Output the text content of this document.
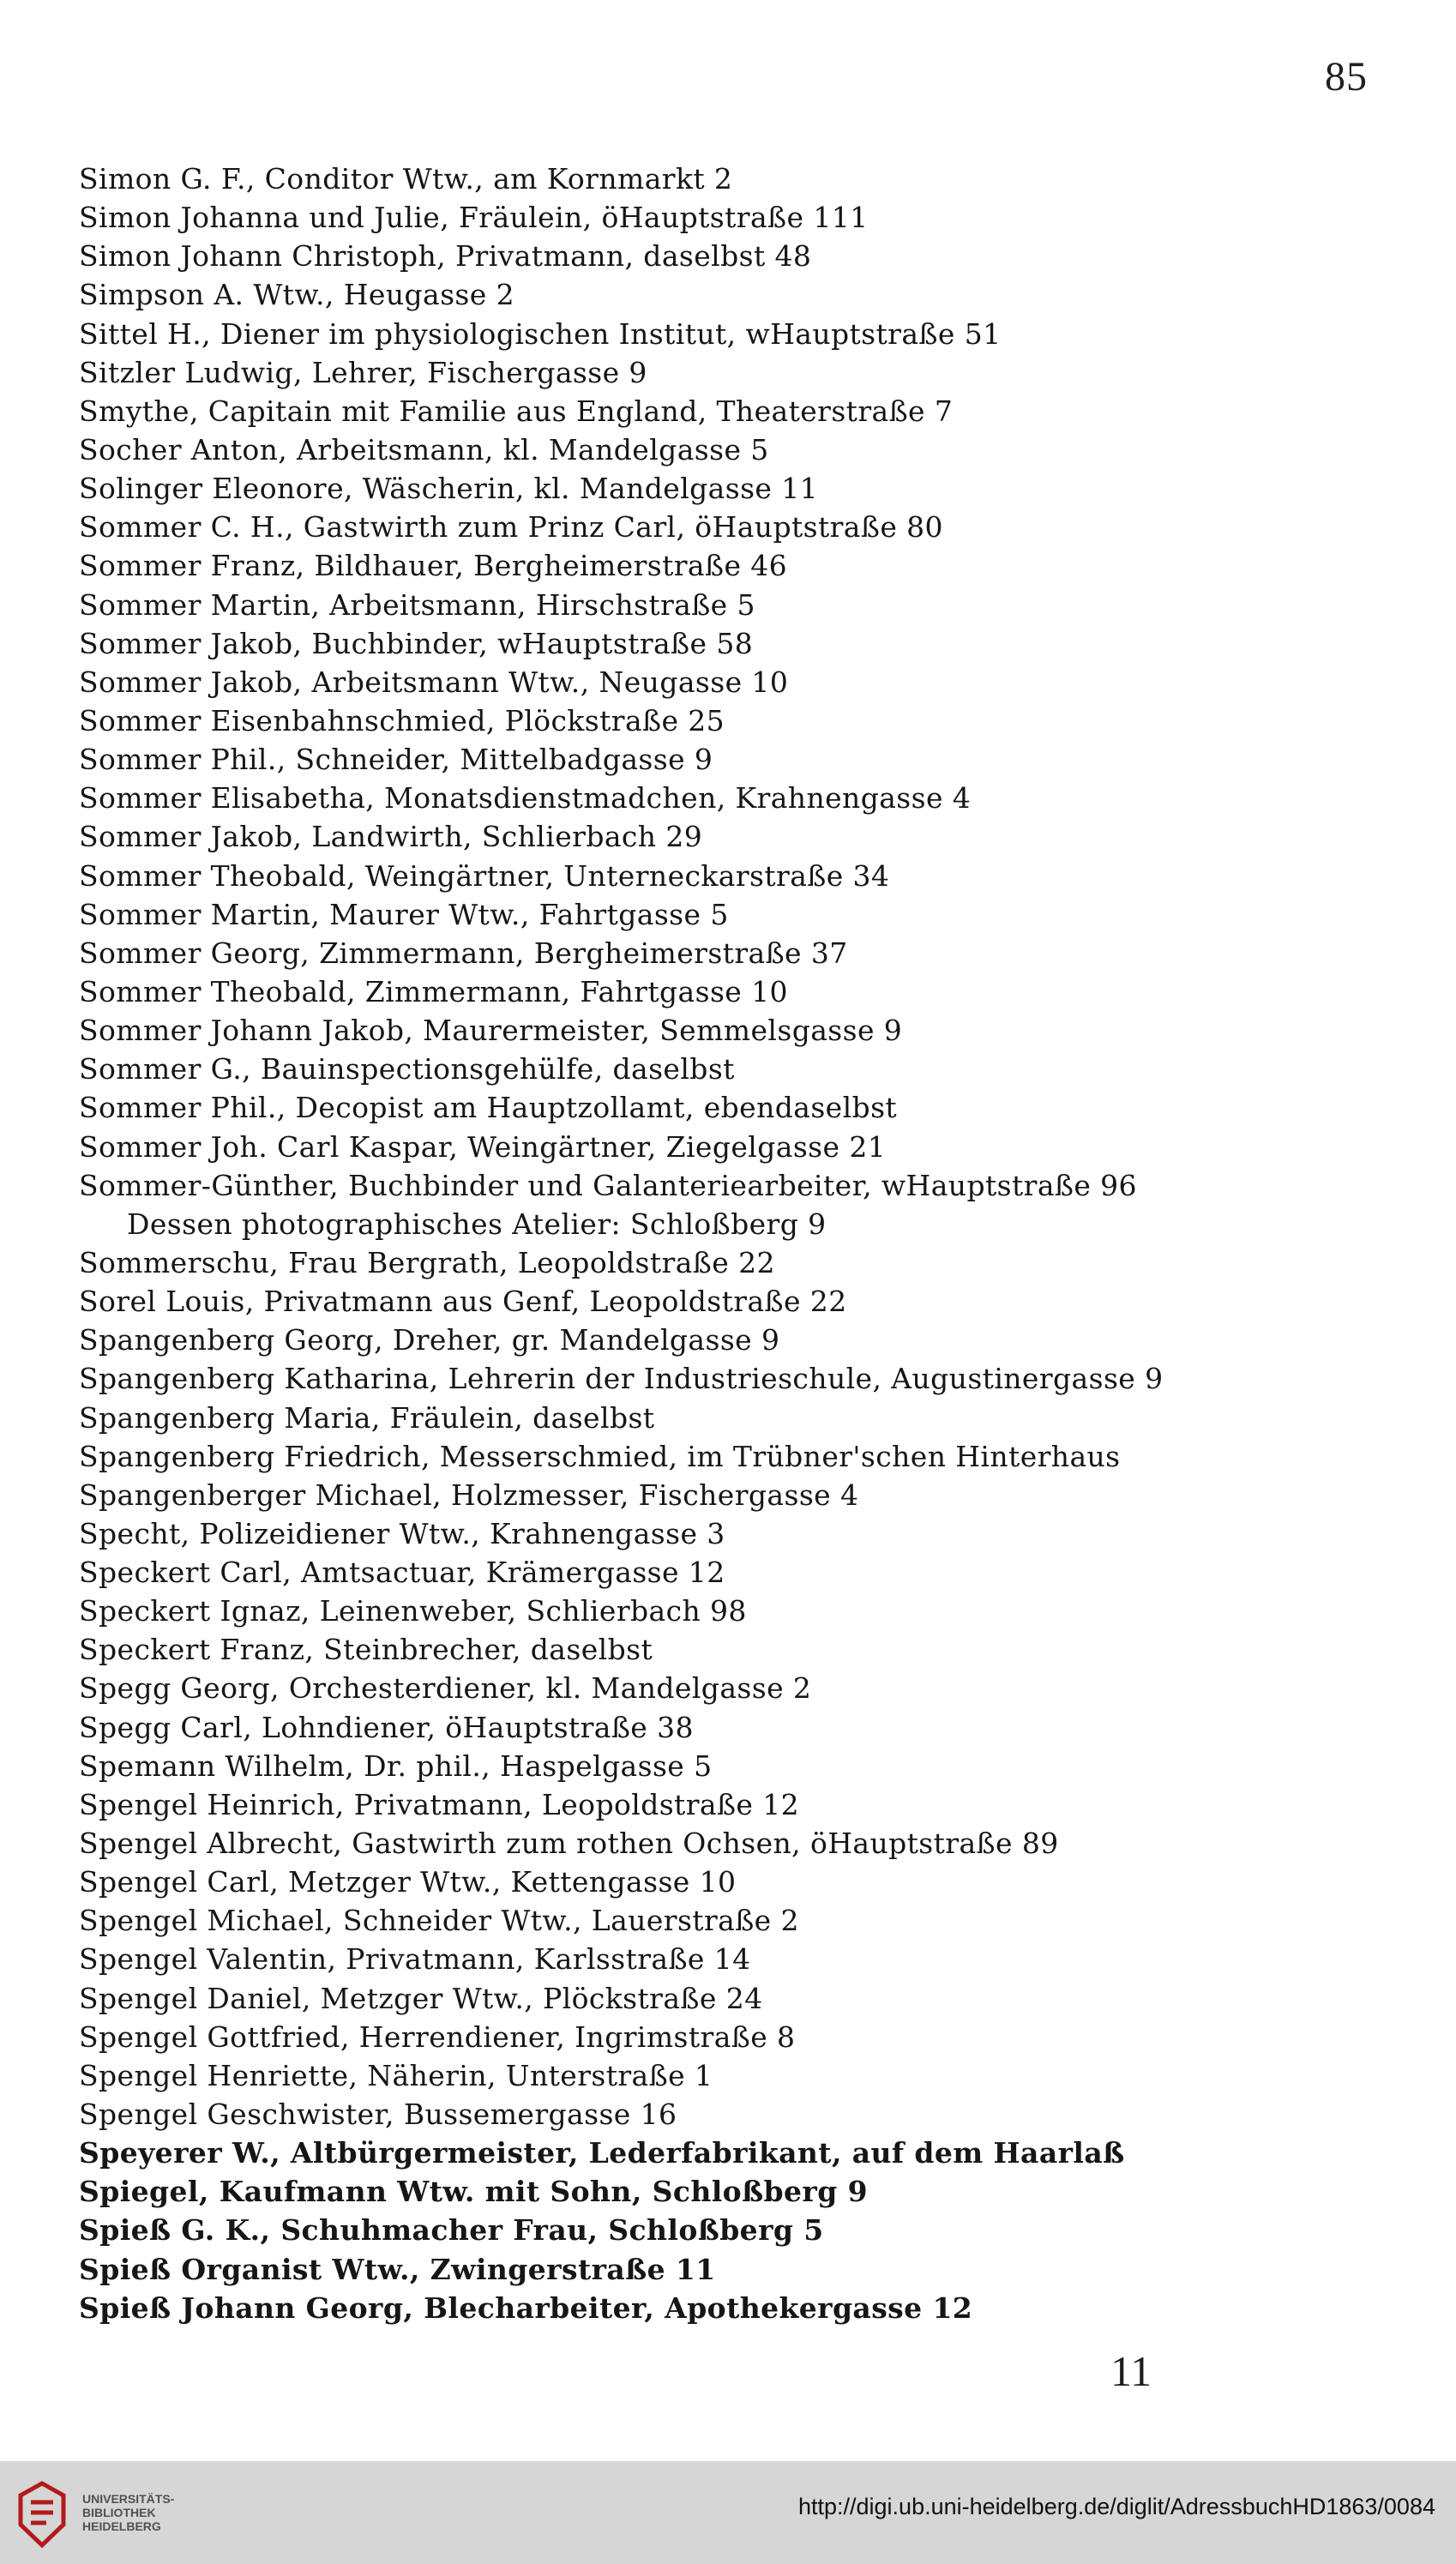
85
Simon G. F., Conditor Wtw., am Kornmarkt 2
Simon Johanna und Julie, Fräulein, öHauptstraße 111
Simon Johann Christoph, Privatmann, daselbst 48
Simpson A. Wtw., Heugasse 2
Sittel H., Diener im physiologischen Institut, wHauptstraße 51
Sitzler Ludwig, Lehrer, Fischergasse 9
Smythe, Capitain mit Familie aus England, Theaterstraße 7
Socher Anton, Arbeitsmann, kl. Mandelgasse 5
Solinger Eleonore, Wäscherin, kl. Mandelgasse 11
Sommer C. H., Gastwirth zum Prinz Carl, öHauptstraße 80
Sommer Franz, Bildhauer, Bergheimerstraße 46
Sommer Martin, Arbeitsmann, Hirschstraße 5
Sommer Jakob, Buchbinder, wHauptstraße 58
Sommer Jakob, Arbeitsmann Wtw., Neugasse 10
Sommer Eisenbahnschmied, Plöckstraße 25
Sommer Phil., Schneider, Mittelbadgasse 9
Sommer Elisabetha, Monatsdienstmadchen, Krahnengasse 4
Sommer Jakob, Landwirth, Schlierbach 29
Sommer Theobald, Weingärtner, Unterneckarstraße 34
Sommer Martin, Maurer Wtw., Fahrtgasse 5
Sommer Georg, Zimmermann, Bergheimerstraße 37
Sommer Theobald, Zimmermann, Fahrtgasse 10
Sommer Johann Jakob, Maurermeister, Semmelsgasse 9
Sommer G., Bauinspectionsgehülfe, daselbst
Sommer Phil., Decopist am Hauptzollamt, ebendaselbst
Sommer Joh. Carl Kaspar, Weingärtner, Ziegelgasse 21
Sommer-Günther, Buchbinder und Galanteriearbeiter, wHauptstraße 96
Dessen photographisches Atelier: Schloßberg 9
Sommerschu, Frau Bergrath, Leopoldstraße 22
Sorel Louis, Privatmann aus Genf, Leopoldstraße 22
Spangenberg Georg, Dreher, gr. Mandelgasse 9
Spangenberg Katharina, Lehrerin der Industrieschule, Augustinergasse 9
Spangenberg Maria, Fräulein, daselbst
Spangenberg Friedrich, Messerschmied, im Trübner'schen Hinterhaus
Spangenberger Michael, Holzmesser, Fischergasse 4
Specht, Polizeidiener Wtw., Krahnengasse 3
Speckert Carl, Amtsactuar, Krämergasse 12
Speckert Ignaz, Leinenweber, Schlierbach 98
Speckert Franz, Steinbrecher, daselbst
Spegg Georg, Orchesterdiener, kl. Mandelgasse 2
Spegg Carl, Lohndiener, öHauptstraße 38
Spemann Wilhelm, Dr. phil., Haspelgasse 5
Spengel Heinrich, Privatmann, Leopoldstraße 12
Spengel Albrecht, Gastwirth zum rothen Ochsen, öHauptstraße 89
Spengel Carl, Metzger Wtw., Kettengasse 10
Spengel Michael, Schneider Wtw., Lauerstraße 2
Spengel Valentin, Privatmann, Karlsstraße 14
Spengel Daniel, Metzger Wtw., Plöckstraße 24
Spengel Gottfried, Herrendiener, Ingrimstraße 8
Spengel Henriette, Näherin, Unterstraße 1
Spengel Geschwister, Bussemergasse 16
Speyerer W., Altbürgermeister, Lederfabrikant, auf dem Haarlaß
Spiegel, Kaufmann Wtw. mit Sohn, Schloßberg 9
Spieß G. K., Schuhmacher Frau, Schloßberg 5
Spieß Organist Wtw., Zwingerstraße 11
Spieß Johann Georg, Blecharbeiter, Apothekergasse 12
11
UNIVERSITÄTS-
BIBLIOTHEK
HEIDELBERG
http://digi.ub.uni-heidelberg.de/diglit/AdressbuchHD1863/0084
